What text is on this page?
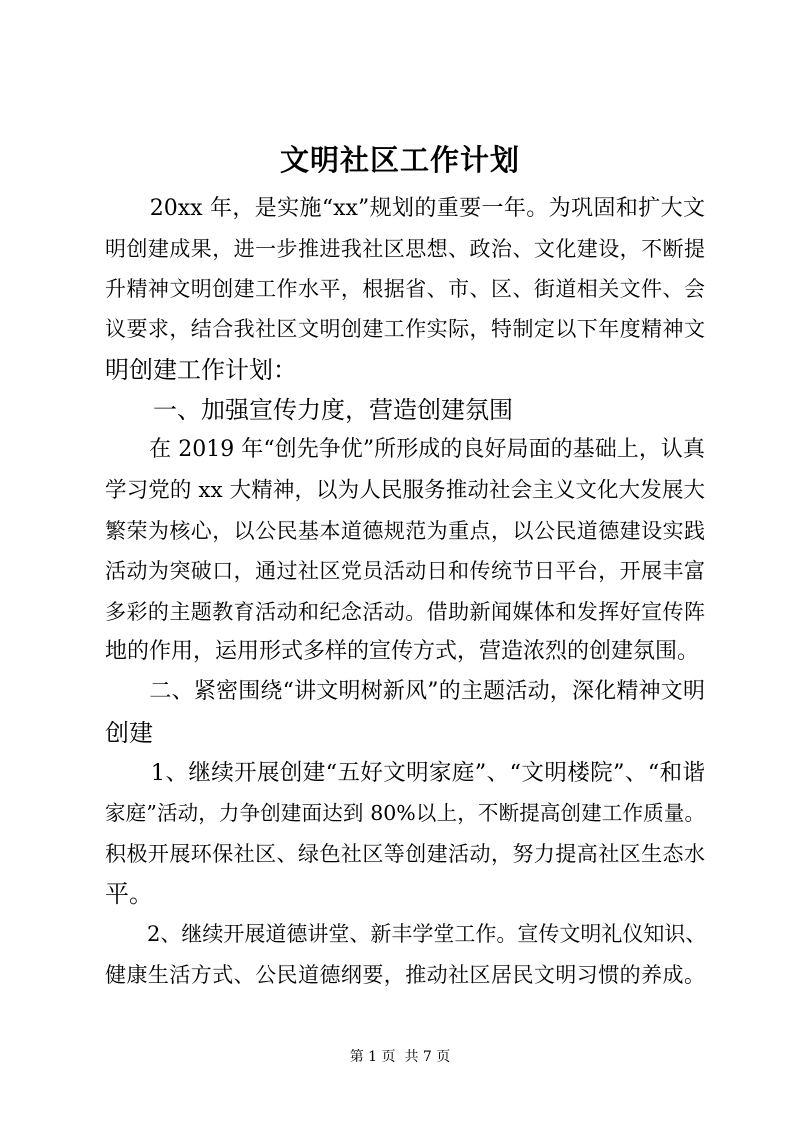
文明社区工作计划
　　20xx 年，是实施“xx”规划的重要一年。为巩固和扩大文
明创建成果，进一步推进我社区思想、政治、文化建设，不断提
升精神文明创建工作水平，根据省、市、区、街道相关文件、会
议要求，结合我社区文明创建工作实际，特制定以下年度精神文
明创建工作计划：
　　一、加强宣传力度，营造创建氛围
　　在 2019 年“创先争优”所形成的良好局面的基础上，认真
学习党的 xx 大精神，以为人民服务推动社会主义文化大发展大
繁荣为核心，以公民基本道德规范为重点，以公民道德建设实践
活动为突破口，通过社区党员活动日和传统节日平台，开展丰富
多彩的主题教育活动和纪念活动。借助新闻媒体和发挥好宣传阵
地的作用，运用形式多样的宣传方式，营造浓烈的创建氛围。
　　二、紧密围绕“讲文明树新风”的主题活动，深化精神文明
创建
　　1、继续开展创建“五好文明家庭”、“文明楼院”、“和谐
家庭”活动，力争创建面达到 80%以上，不断提高创建工作质量。
积极开展环保社区、绿色社区等创建活动，努力提高社区生态水
平。
　　2、继续开展道德讲堂、新丰学堂工作。宣传文明礼仪知识、
健康生活方式、公民道德纲要，推动社区居民文明习惯的养成。
第 1 页  共 7 页
